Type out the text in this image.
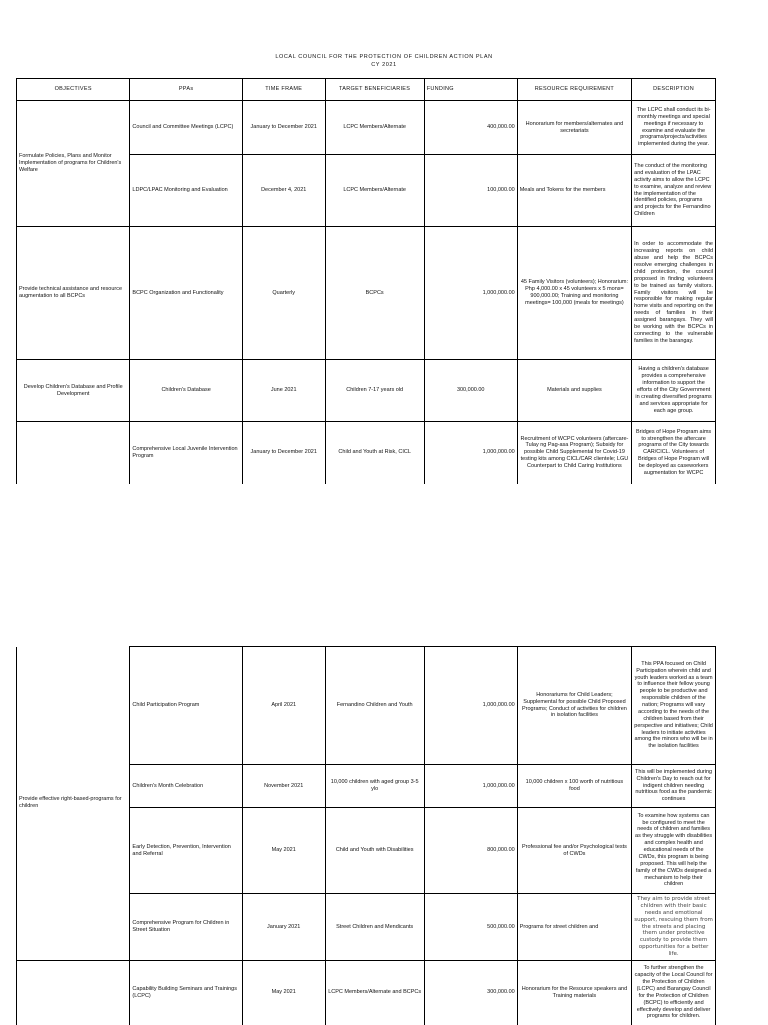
LOCAL COUNCIL FOR THE PROTECTION OF CHILDREN ACTION PLAN
CY 2021
OBJECTIVES	PPAs	TIME FRAME	TARGET BENEFICIARIES	FUNDING	RESOURCE REQUIREMENT	DESCRIPTION
Formulate Policies, Plans and Monitor Implementation of programs for Children's Welfare	Council and Committee Meetings (LCPC)	January to December 2021	LCPC Members/Alternate	400,000.00	Honorarium for members/alternates and secretariats	The LCPC shall conduct its bi-monthly meetings and special meetings if necessary to examine and evaluate the programs/projects/activities implemented during the year.
	LDPC/LPAC Monitoring and Evaluation	December 4, 2021	LCPC Members/Alternate	100,000.00	Meals and Tokens for the members	The conduct of the monitoring and evaluation of the LPAC activity aims to allow the LCPC to examine, analyze and review the implementation of the identified policies, programs and projects for the Fernandino Children
Provide technical assistance and resource augmentation to all BCPCs	BCPC Organization and Functionality	Quarterly	BCPCs	1,000,000.00	45 Family Visitors (volunteers); Honorarium: Php 4,000.00 x 45 volunteers x 5 mons= 900,000.00; Training and monitoring meetings= 100,000 (meals for meetings)	In order to accommodate the increasing reports on child abuse and help the BCPCs resolve emerging challenges in child protection, the council proposed in finding volunteers to be trained as family visitors. Family visitors will be responsible for making regular home visits and reporting on the needs of families in their assigned barangays. They will be working with the BCPCs in connecting to the vulnerable families in the barangay.
Develop Children's Database and Profile Development	Children's Database	June 2021	Children 7-17 years old	300,000.00	Materials and supplies	Having a children's database provides a comprehensive information to support the efforts of the City Government in creating diversified programs and services appropriate for each age group.
	Comprehensive Local Juvenile Intervention Program	January to December 2021	Child and Youth at Risk, CICL	1,000,000.00	Recruitment of WCPC volunteers (aftercare-Tulay ng Pag-asa Program); Subsidy for possible Child Supplemental for Covid-19 testing kits among CICL/CAR clientele; LGU Counterpart to Child Caring Institutions	Bridges of Hope Program aims to strengthen the aftercare programs of the City towards CAR/CICL. Volunteers of Bridges of Hope Program will be deployed as caseworkers augmentation for WCPC
Provide effective right-based-programs for children	Child Participation Program	April 2021	Fernandino Children and Youth	1,000,000.00	Honorariums for Child Leaders; Supplemental for possible Child Proposed Programs; Conduct of activities for children in isolation facilities	This PPA focused on Child Participation wherein child and youth leaders worked as a team to influence their fellow young people to be productive and responsible children of the nation; Programs will vary according to the needs of the children based from their perspective and initiatives; Child leaders to initiate activities among the minors who will be in the isolation facilities
	Children's Month Celebration	November 2021	10,000 children with aged group 3-5 ylo	1,000,000.00	10,000 children x 100 worth of nutritious food	This will be implemented during Children's Day to reach out for indigent children needing nutritious food as the pandemic continues
	Early Detection, Prevention, Intervention and Referral	May 2021	Child and Youth with Disabilities	800,000.00	Professional fee and/or Psychological tests of CWDs	To examine how systems can be configured to meet the needs of children and families as they struggle with disabilities and complex health and educational needs of the CWDs, this program is being proposed. This will help the family of the CWDs designed a mechanism to help their children
	Comprehensive Program for Children in Street Situation	January 2021	Street Children and Mendicants	500,000.00	Programs for street children and	They aim to provide street children with their basic needs and emotional support, rescuing them from the streets and placing them under protective custody to provide them opportunities for a better life.
	Capability Building Seminars and Trainings (LCPC)	May 2021	LCPC Members/Alternate and BCPCs	300,000.00	Honorarium for the Resource speakers and Training materials	To further strengthen the capacity of the Local Council for the Protection of Children (LCPC) and Barangay Council for the Protection of Children (BCPC) to efficiently and effectively develop and deliver programs for children.
